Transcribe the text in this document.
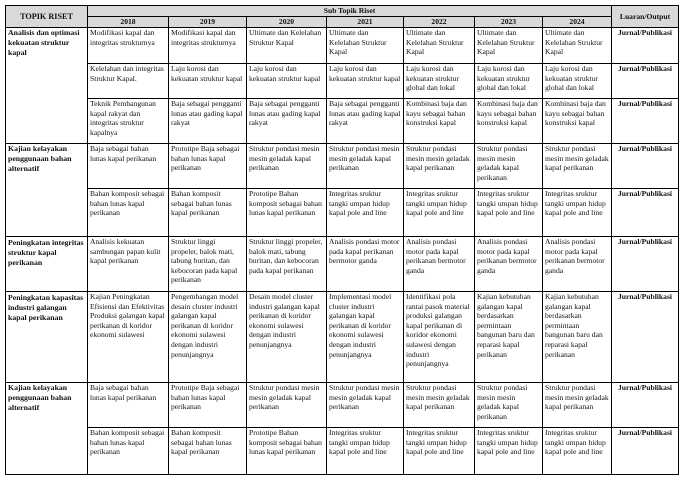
TOPIK RISET	Sub Topik Riset							Luaran/Output
	2018	2019	2020	2021	2022	2023	2024	
Analisis dan optimasi kekuatan struktur kapal	Modifikasi kapal dan integritas strukturnya	Modifikasi kapal dan integritas strukturnya	Ultimate dan Kelelahan Struktur Kapal	Ultimate dan Kelelahan Struktur Kapal	Ultimate dan Kelelahan Struktur Kapal	Ultimate dan Kelelahan Struktur Kapal	Ultimate dan Kelelahan Struktur Kapal	Jurnal/Publikasi
	Kelelahan dan integritas Struktur Kapal.	Laju korosi dan kekuatan struktur kapal	Laju korosi dan kekuatan struktur kapal	Laju korosi dan kekuatan struktur kapal	Laju korosi dan kekuatan struktur global dan lokal	Laju korosi dan kekuatan struktur global dan lokal	Laju korosi dan kekuatan struktur global dan lokal	Jurnal/Publikasi
	Teknik Pembangunan kapal rakyat dan integritas struktur kapalnya	Baja sebagai pengganti lunas atau gading kapal rakyat	Baja sebagai pengganti lunas atau gading kapal rakyat	Baja sebagai pengganti lunas atau gading kapal rakyat	Kombinasi baja dan kayu sebagai bahan konstruksi kapal	Kombinasi baja dan kayu sebagai bahan konstruksi kapal	Kombinasi baja dan kayu sebagai bahan konstruksi kapal	Jurnal/Publikasi
Kajian kelayakan penggunaan bahan alternatif	Baja sebagai bahan lunas kapal perikanan	Prototipe Baja sebagai bahan lunas kapal perikanan	Struktur pondasi mesin mesin geladak kapal perikanan	Struktur pondasi mesin mesin geladak kapal perikanan	Struktur pondasi mesin mesin geladak kapal perikanan	Struktur pondasi mesin mesin geladak kapal perikanan	Struktur pondasi mesin mesin geladak kapal perikanan	Jurnal/Publikasi
	Bahan komposit sebagai bahan lunas kapal perikanan	Bahan komposit sebagai bahan lunas kapal perikanan	Prototipe Bahan komposit sebagai bahan lunas kapal perikanan	Integritas sruktur tangki umpan hidup kapal pole and line	Integritas sruktur tangki umpan hidup kapal pole and line	Integritas sruktur tangki umpan hidup kapal pole and line	Integritas sruktur tangki umpan hidup kapal pole and line	Jurnal/Publikasi
Peningkatan integritas struktur kapal perikanan	Analisis kekuatan sambungan papan kulit kapal perikanan	Struktur linggi propeler, balok mati, tabung buritan, dan kebocoran pada kapal perikanan	Struktur linggi propeler, balok mati, tabung buritan, dan kebocoran pada kapal perikanan	Analisis pondasi motor pada kapal perikanan bermotor ganda	Analisis pondasi motor pada kapal perikanan bermotor ganda	Analisis pondasi motor pada kapal perikanan bermotor ganda	Analisis pondasi motor pada kapal perikanan bermotor ganda	Jurnal/Publikasi
Peningkatan kapasitas industri galangan kapal perikanan	Kajian Peningkatan Efisiensi dan Efektivitas Produksi galangan kapal perikanan di koridor ekonomi sulawesi	Pengembangan model desain cluster industri galangan kapal perikanan di koridor ekonomi sulawesi dengan industri penunjangnya	Desain model cluster industri galangan kapal perikanan di koridor ekonomi sulawesi dengan industri penunjangnya	Implementasi model cluster industri galangan kapal perikanan di koridor ekonomi sulawesi dengan industri penunjangnya	Identifikasi pola rantai pasok material produksi galangan kapal perikanan di koridor ekonomi sulawesi dengan industri penunjangnya	Kajian kebutuhan galangan kapal berdasarkan permintaan bangunan baru dan reparasi kapal perikanan	Kajian kebutuhan galangan kapal berdasarkan permintaan bangunan baru dan reparasi kapal perikanan	Jurnal/Publikasi
Kajian kelayakan penggunaan bahan alternatif	Baja sebagai bahan lunas kapal perikanan	Prototipe Baja sebagai bahan lunas kapal perikanan	Struktur pondasi mesin mesin geladak kapal perikanan	Struktur pondasi mesin mesin geladak kapal perikanan	Struktur pondasi mesin mesin geladak kapal perikanan	Struktur pondasi mesin mesin geladak kapal perikanan	Struktur pondasi mesin mesin geladak kapal perikanan	Jurnal/Publikasi
	Bahan komposit sebagai bahan lunas kapal perikanan	Bahan komposit sebagai bahan lunas kapal perikanan	Prototipe Bahan komposit sebagai bahan lunas kapal perikanan	Integritas sruktur tangki umpan hidup kapal pole and line	Integritas sruktur tangki umpan hidup kapal pole and line	Integritas sruktur tangki umpan hidup kapal pole and line	Integritas sruktur tangki umpan hidup kapal pole and line	Jurnal/Publikasi
